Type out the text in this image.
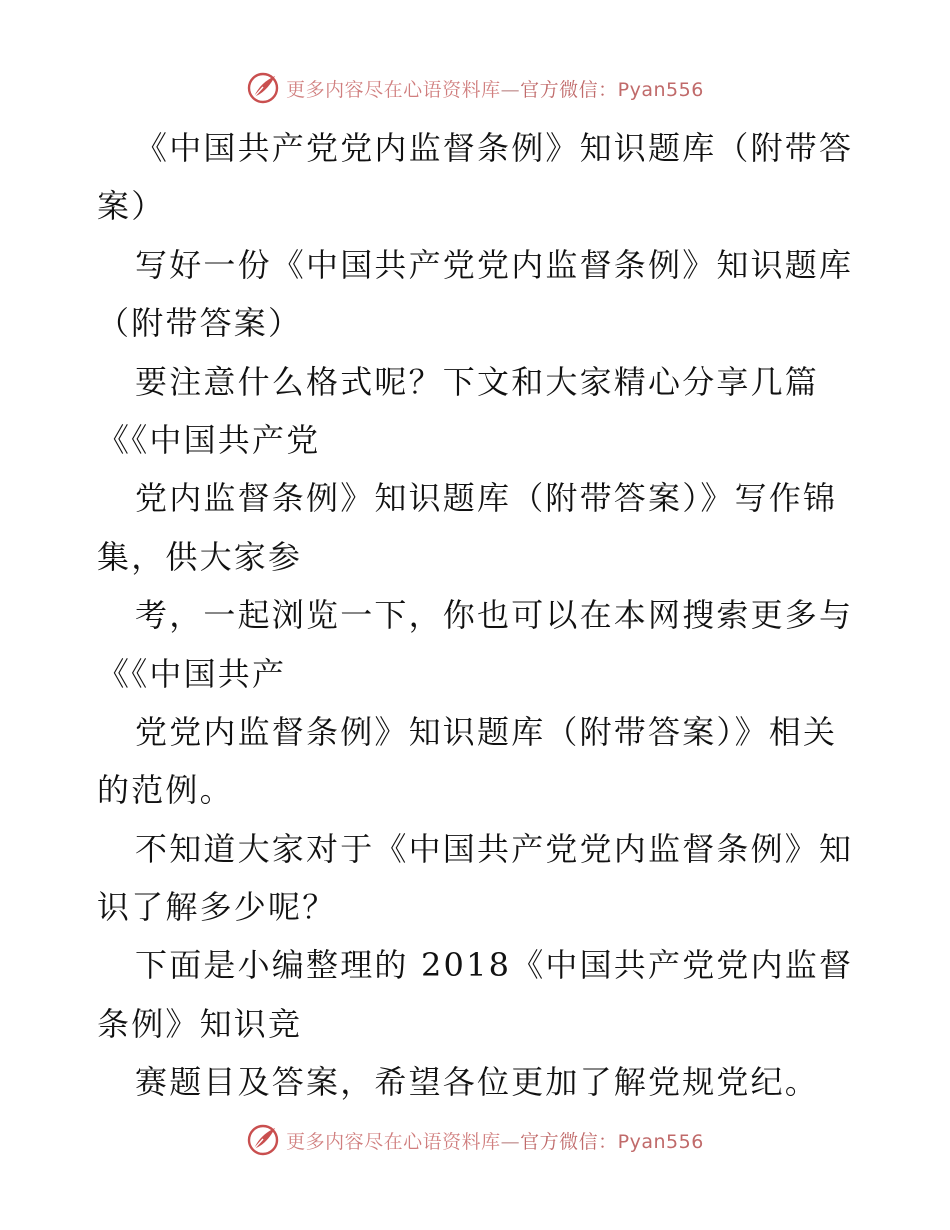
更多内容尽在心语资料库—官方微信：Pyan556
《中国共产党党内监督条例》知识题库（附带答
案）
写好一份《中国共产党党内监督条例》知识题库
（附带答案）
要注意什么格式呢？下文和大家精心分享几篇
《《中国共产党
党内监督条例》知识题库（附带答案）》写作锦
集，供大家参
考，一起浏览一下，你也可以在本网搜索更多与
《《中国共产
党党内监督条例》知识题库（附带答案）》相关
的范例。
不知道大家对于《中国共产党党内监督条例》知
识了解多少呢？
下面是小编整理的 2018《中国共产党党内监督
条例》知识竞
赛题目及答案，希望各位更加了解党规党纪。
更多内容尽在心语资料库—官方微信：Pyan556
